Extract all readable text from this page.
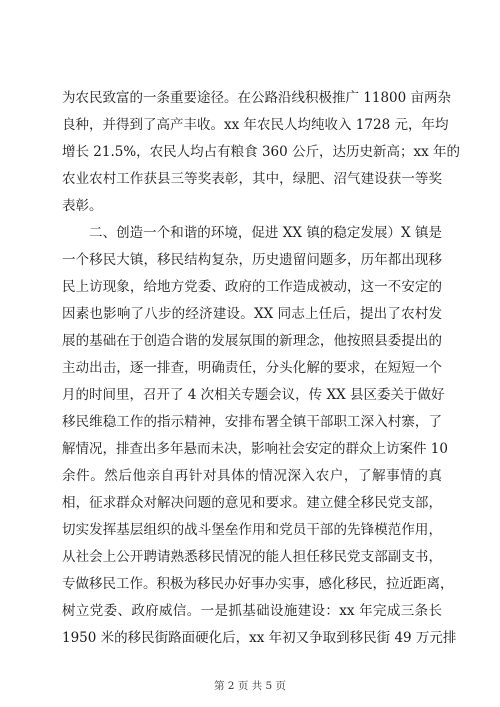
为农民致富的一条重要途径。在公路沿线积极推广 11800 亩两杂
良种，并得到了高产丰收。xx 年农民人均纯收入 1728 元，年均
增长 21.5%，农民人均占有粮食 360 公斤，达历史新高；xx 年的
农业农村工作获县三等奖表彰，其中，绿肥、沼气建设获一等奖
表彰。
　　二、创造一个和谐的环境，促进 XX 镇的稳定发展）X 镇是
一个移民大镇，移民结构复杂，历史遗留问题多，历年都出现移
民上访现象，给地方党委、政府的工作造成被动，这一不安定的
因素也影响了八步的经济建设。XX 同志上任后，提出了农村发
展的基础在于创造合谐的发展氛围的新理念，他按照县委提出的
主动出击，逐一排查，明确责任，分头化解的要求，在短短一个
月的时间里，召开了 4 次相关专题会议，传 XX 县区委关于做好
移民维稳工作的指示精神，安排布署全镇干部职工深入村寨，了
解情况，排查出多年悬而未决，影响社会安定的群众上访案件 10
余件。然后他亲自再针对具体的情况深入农户，了解事情的真
相，征求群众对解决问题的意见和要求。建立健全移民党支部，
切实发挥基层组织的战斗堡垒作用和党员干部的先锋模范作用，
从社会上公开聘请熟悉移民情况的能人担任移民党支部副支书，
专做移民工作。积极为移民办好事办实事，感化移民，拉近距离，
树立党委、政府威信。一是抓基础设施建设：xx 年完成三条长
1950 米的移民街路面硬化后，xx 年初又争取到移民街 49 万元排
第 2 页 共 5 页
